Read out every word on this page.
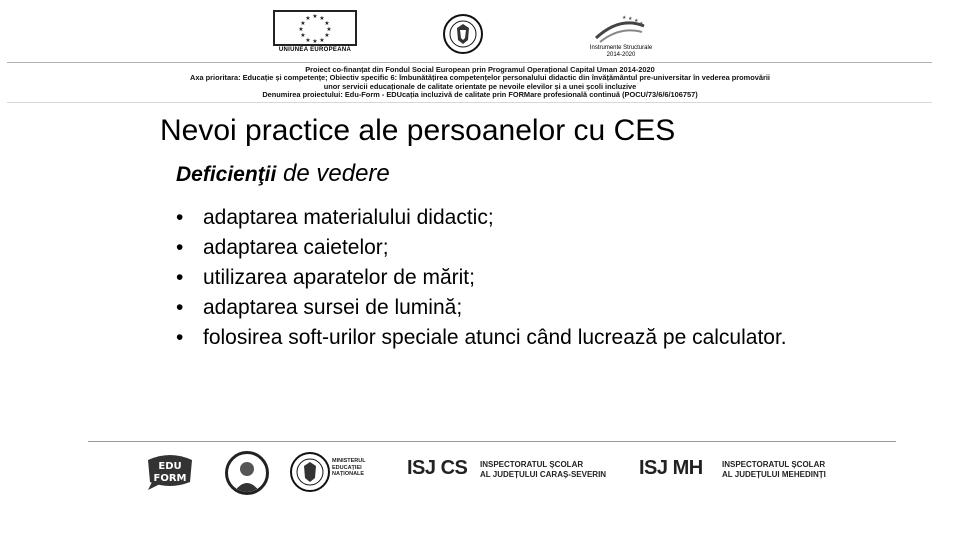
★ ★
★
★
★
★
★
★
★
★
★
★
UNIUNEA EUROPEANĂ
★ ★ ★
★
Instrumente Structurale
2014-2020
Proiect co-finanțat din Fondul Social European prin Programul Operațional Capital Uman 2014-2020
Axa prioritara: Educație și competențe; Obiectiv specific 6: Îmbunătățirea competențelor personalului didactic din învățământul pre-universitar în vederea promovării
unor servicii educaționale de calitate orientate pe nevoile elevilor și a unei școli incluzive
Denumirea proiectului: Edu-Form - EDUcația incluzivă de calitate prin FORMare profesională continuă (POCU/73/6/6/106757)
Nevoi practice ale persoanelor cu CES
Deficienţii de vedere
• adaptarea materialului didactic;
• adaptarea caietelor;
• utilizarea aparatelor de mărit;
• adaptarea sursei de lumină;
• folosirea soft-urilor speciale atunci când lucrează pe calculator.
EDU
FORM
MINISTERUL
EDUCAȚIEI
NAȚIONALE	ISJ CS INSPECTORATUL ȘCOLAR
AL JUDEȚULUI CARAȘ-SEVERIN ISJ MH INSPECTORATUL ȘCOLAR
AL JUDEȚULUI MEHEDINȚI
